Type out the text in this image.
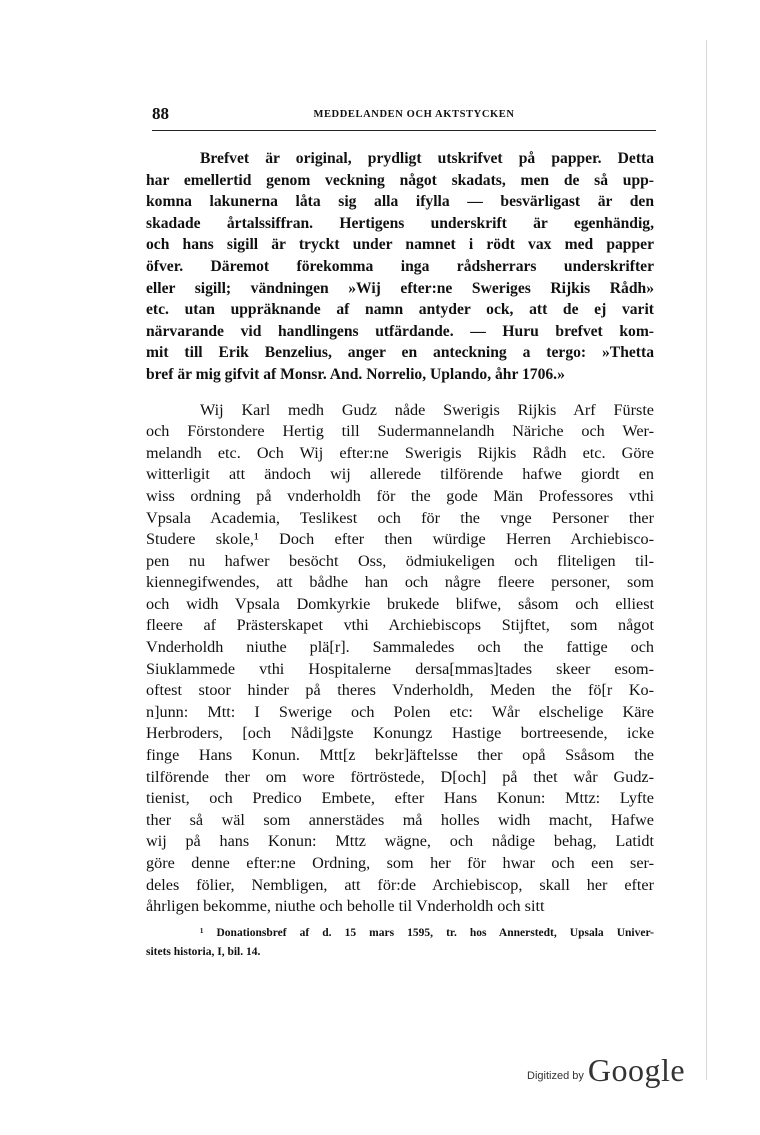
88	MEDDELANDEN OCH AKTSTYCKEN
Brefvet är original, prydligt utskrifvet på papper. Detta
har emellertid genom veckning något skadats, men de så upp-
komna lakunerna låta sig alla ifylla — besvärligast är den
skadade årtalssiffran. Hertigens underskrift är egenhändig,
och hans sigill är tryckt under namnet i rödt vax med papper
öfver. Däremot förekomma inga rådsherrars underskrifter
eller sigill; vändningen »Wij efter:ne Sweriges Rijkis Rådh»
etc. utan uppräknande af namn antyder ock, att de ej varit
närvarande vid handlingens utfärdande. — Huru brefvet kom-
mit till Erik Benzelius, anger en anteckning a tergo: »Thetta
bref är mig gifvit af Monsr. And. Norrelio, Uplando, åhr 1706.»
Wij Karl medh Gudz nåde Swerigis Rijkis Arf Fürste
och Förstondere Hertig till Sudermannelandh Näriche och Wer-
melandh etc. Och Wij efter:ne Swerigis Rijkis Rådh etc. Göre
witterligit att ändoch wij allerede tilförende hafwe giordt en
wiss ordning på vnderholdh för the gode Män Professores vthi
Vpsala Academia, Teslikest och för the vnge Personer ther
Studere skole,¹ Doch efter then würdige Herren Archiebisco-
pen nu hafwer besöcht Oss, ödmiukeligen och fliteligen til-
kiennegifwendes, att bådhe han och någre fleere personer, som
och widh Vpsala Domkyrkie brukede blifwe, såsom och elliest
fleere af Prästerskapet vthi Archiebiscops Stijftet, som något
Vnderholdh niuthe plä[r]. Sammaledes och the fattige och
Siuklammede vthi Hospitalerne dersa[mmas]tades skeer esom-
oftest stoor hinder på theres Vnderholdh, Meden the fö[r Ko-
n]unn: Mtt: I Swerige och Polen etc: Wår elschelige Käre
Herbroders, [och Nådi]gste Konungz Hastige bortreesende, icke
finge Hans Konun. Mtt[z bekr]äftelsse ther opå Ssåsom the
tilförende ther om wore förtröstede, D[och] på thet wår Gudz-
tienist, och Predico Embete, efter Hans Konun: Mttz: Lyfte
ther så wäl som annerstädes må holles widh macht, Hafwe
wij på hans Konun: Mttz wägne, och nådige behag, Latidt
göre denne efter:ne Ordning, som her för hwar och een ser-
deles fölier, Nembligen, att för:de Archiebiscop, skall her efter
åhrligen bekomme, niuthe och beholle til Vnderholdh och sitt
¹ Donationsbref af d. 15 mars 1595, tr. hos Annerstedt, Upsala Univer-
sitets historia, I, bil. 14.
Digitized by Google
